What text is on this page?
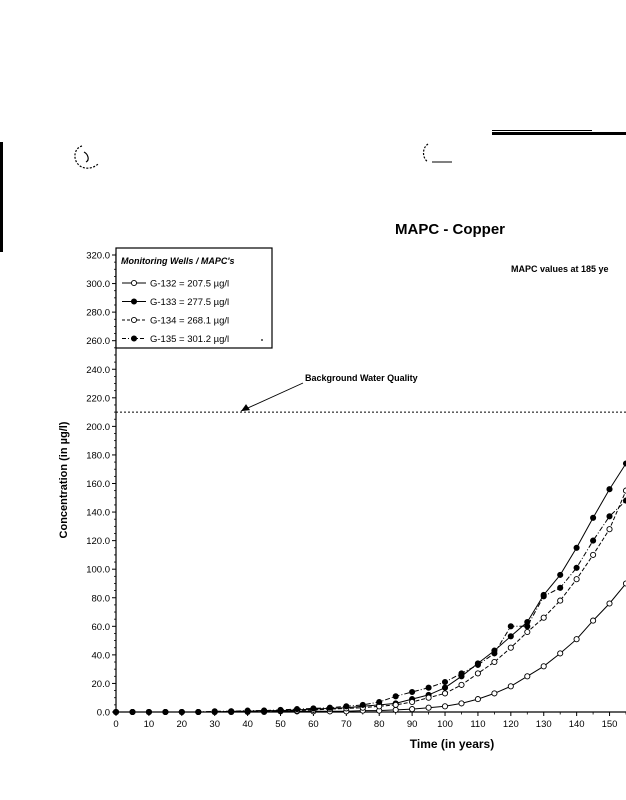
MAPC - Copper
Concentration (in µg/l)
Time (in years)
MAPC values at 185 ye
Background Water Quality
0.0
20.0
40.0
60.0
80.0
100.0
120.0
140.0
160.0
180.0
200.0
220.0
240.0
260.0
280.0
300.0
320.0
0	10 20 30 40 50 60 70 80 90 100 110 120 130 140 150
Monitoring Wells / MAPC's
G-132 = 207.5 µg/l
G-133 = 277.5 µg/l
G-134 = 268.1 µg/l
G-135 = 301.2 µg/l
